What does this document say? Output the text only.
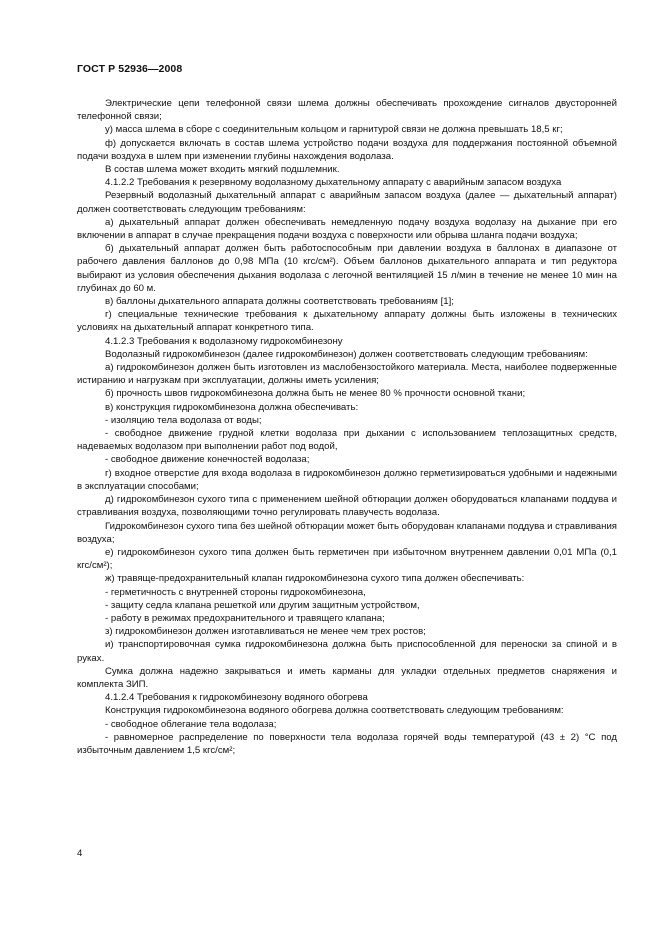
ГОСТ Р 52936—2008

Электрические цепи телефонной связи шлема должны обеспечивать прохождение сигналов двусторонней телефонной связи;

у) масса шлема в сборе с соединительным кольцом и гарнитурой связи не должна превышать 18,5 кг;

ф) допускается включать в состав шлема устройство подачи воздуха для поддержания постоянной объемной подачи воздуха в шлем при изменении глубины нахождения водолаза.

В состав шлема может входить мягкий подшлемник.

4.1.2.2 Требования к резервному водолазному дыхательному аппарату с аварийным запасом воздуха

Резервный водолазный дыхательный аппарат с аварийным запасом воздуха (далее — дыхательный аппарат) должен соответствовать следующим требованиям:

а) дыхательный аппарат должен обеспечивать немедленную подачу воздуха водолазу на дыхание при его включении в аппарат в случае прекращения подачи воздуха с поверхности или обрыва шланга подачи воздуха;

б) дыхательный аппарат должен быть работоспособным при давлении воздуха в баллонах в диапазоне от рабочего давления баллонов до 0,98 МПа (10 кгс/см²). Объем баллонов дыхательного аппарата и тип редуктора выбирают из условия обеспечения дыхания водолаза с легочной вентиляцией 15 л/мин в течение не менее 10 мин на глубинах до 60 м.

в) баллоны дыхательного аппарата должны соответствовать требованиям [1];

г) специальные технические требования к дыхательному аппарату должны быть изложены в технических условиях на дыхательный аппарат конкретного типа.

4.1.2.3 Требования к водолазному гидрокомбинезону

Водолазный гидрокомбинезон (далее гидрокомбинезон) должен соответствовать следующим требованиям:

а) гидрокомбинезон должен быть изготовлен из маслобензостойкого материала. Места, наиболее подверженные истиранию и нагрузкам при эксплуатации, должны иметь усиления;

б) прочность швов гидрокомбинезона должна быть не менее 80 % прочности основной ткани;

в) конструкция гидрокомбинезона должна обеспечивать:

- изоляцию тела водолаза от воды;

- свободное движение грудной клетки водолаза при дыхании с использованием теплозащитных средств, надеваемых водолазом при выполнении работ под водой,

- свободное движение конечностей водолаза;

г) входное отверстие для входа водолаза в гидрокомбинезон должно герметизироваться удобными и надежными в эксплуатации способами;

д) гидрокомбинезон сухого типа с применением шейной обтюрации должен оборудоваться клапанами поддува и стравливания воздуха, позволяющими точно регулировать плавучесть водолаза.

Гидрокомбинезон сухого типа без шейной обтюрации может быть оборудован клапанами поддува и стравливания воздуха;

е) гидрокомбинезон сухого типа должен быть герметичен при избыточном внутреннем давлении 0,01 МПа (0,1 кгс/см²);

ж) травяще-предохранительный клапан гидрокомбинезона сухого типа должен обеспечивать:

- герметичность с внутренней стороны гидрокомбинезона,

- защиту седла клапана решеткой или другим защитным устройством,

- работу в режимах предохранительного и травящего клапана;

з) гидрокомбинезон должен изготавливаться не менее чем трех ростов;

и) транспортировочная сумка гидрокомбинезона должна быть приспособленной для переноски за спиной и в руках.

Сумка должна надежно закрываться и иметь карманы для укладки отдельных предметов снаряжения и комплекта ЗИП.

4.1.2.4 Требования к гидрокомбинезону водяного обогрева

Конструкция гидрокомбинезона водяного обогрева должна соответствовать следующим требованиям:

- свободное облегание тела водолаза;

- равномерное распределение по поверхности тела водолаза горячей воды температурой (43 ± 2) °С под избыточным давлением 1,5 кгс/см²;

4
